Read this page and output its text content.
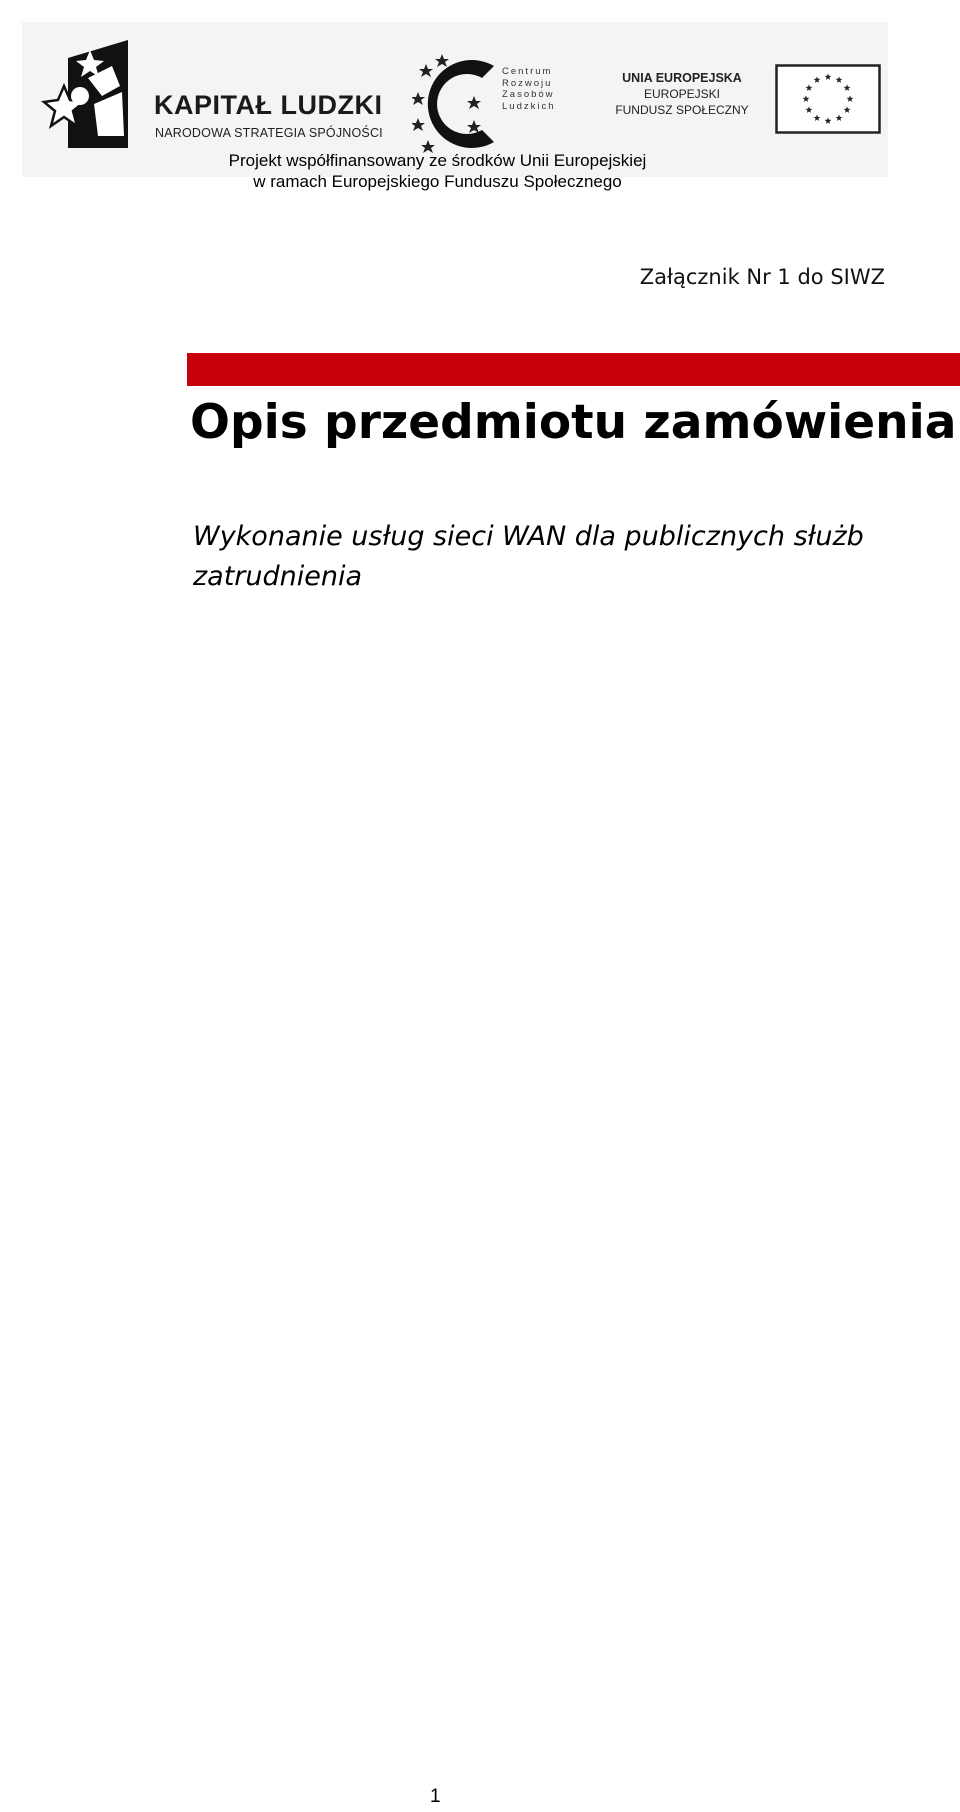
KAPITAŁ LUDZKI
NARODOWA STRATEGIA SPÓJNOŚCI
Centrum
Rozwoju
Zasobów
Ludzkich
UNIA EUROPEJSKA
EUROPEJSKI
FUNDUSZ SPOŁECZNY
Projekt współfinansowany ze środków Unii Europejskiej
w ramach Europejskiego Funduszu Społecznego
Załącznik Nr 1 do SIWZ
Opis przedmiotu zamówienia
Wykonanie usług sieci WAN dla publicznych służb zatrudnienia
1
